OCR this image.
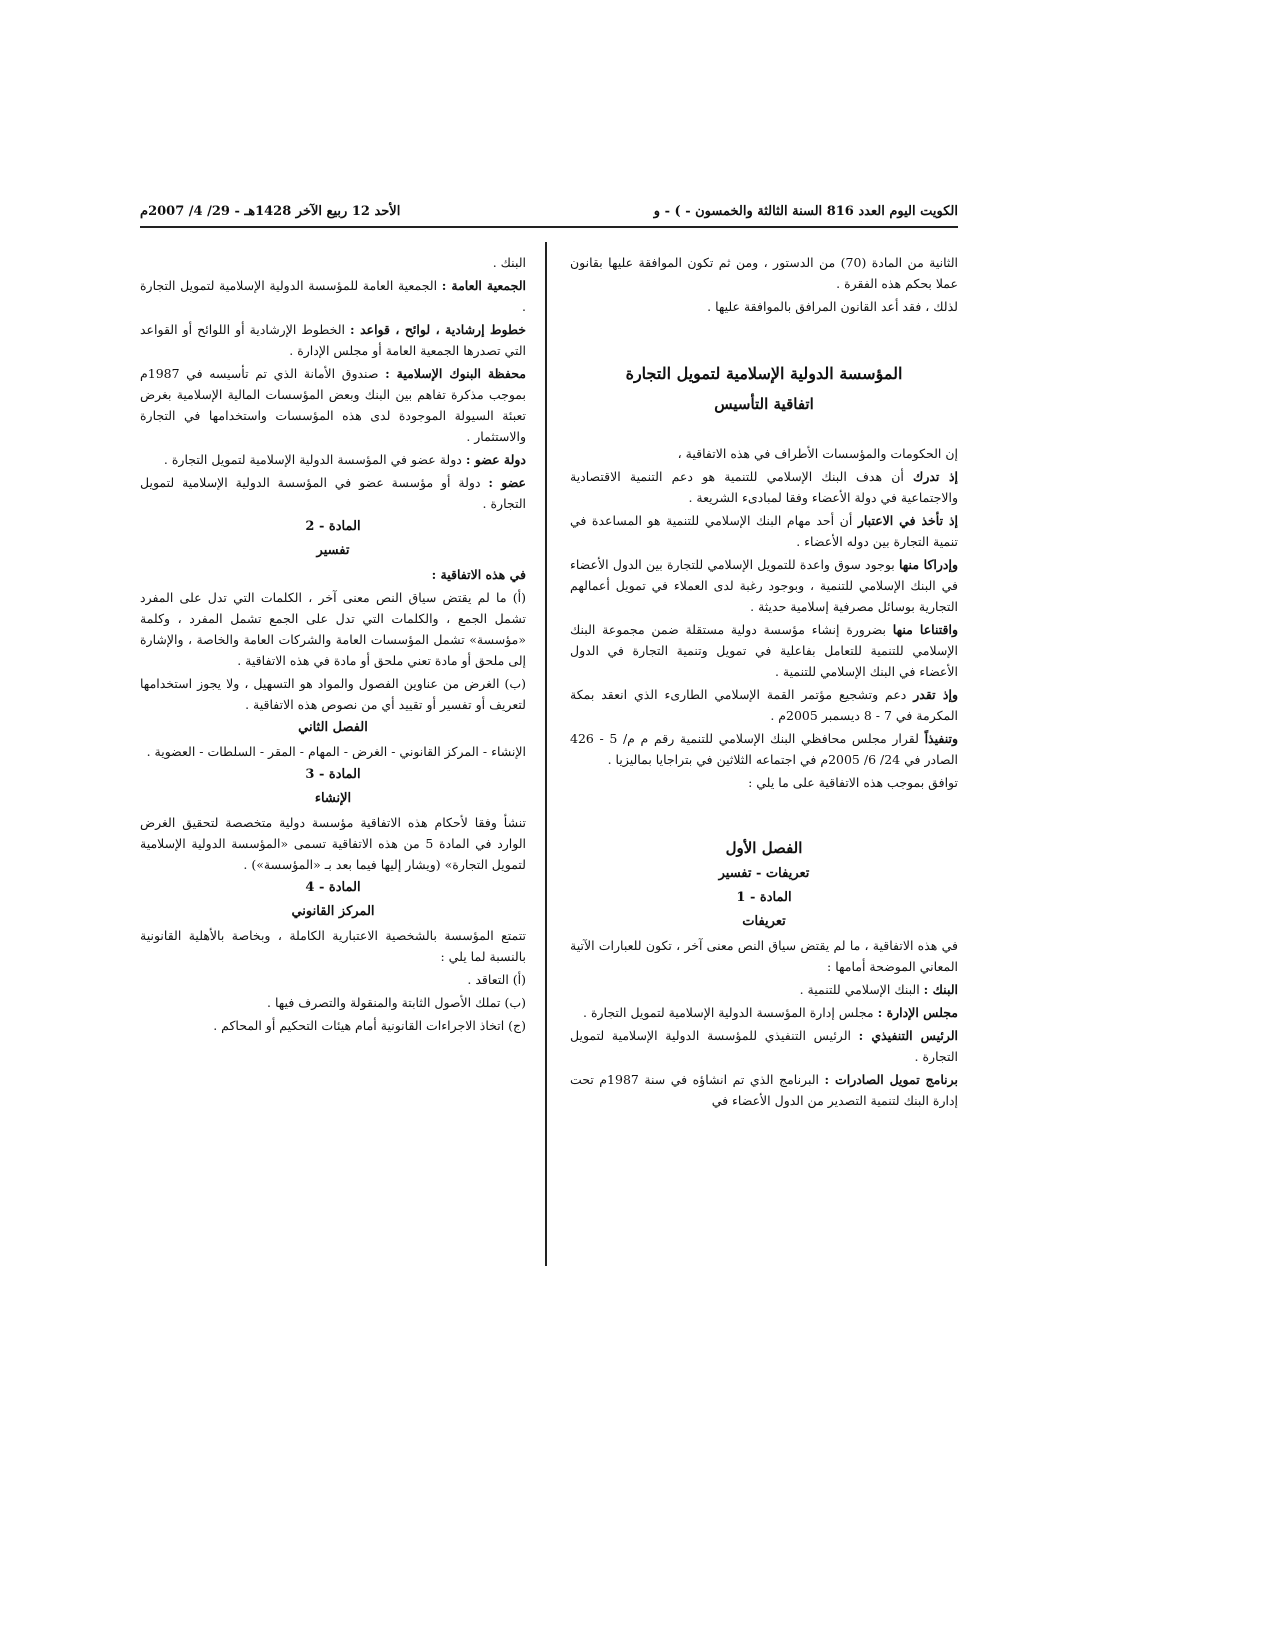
الكويت اليوم العدد 816 السنة الثالثة والخمسون - ) - و
الأحد 12 ربيع الآخر 1428هـ - 29/ 4/ 2007م

الثانية من المادة (70) من الدستور ، ومن ثم تكون الموافقة عليها بقانون عملا بحكم هذه الفقرة .

لذلك ، فقد أعد القانون المرافق بالموافقة عليها .

المؤسسة الدولية الإسلامية لتمويل التجارة

اتفاقية التأسيس

إن الحكومات والمؤسسات الأطراف في هذه الاتفاقية ،

إذ تدرك أن هدف البنك الإسلامي للتنمية هو دعم التنمية الاقتصادية والاجتماعية في دولة الأعضاء وفقا لمبادىء الشريعة .

إذ تأخذ في الاعتبار أن أحد مهام البنك الإسلامي للتنمية هو المساعدة في تنمية التجارة بين دوله الأعضاء .

وإدراكا منها بوجود سوق واعدة للتمويل الإسلامي للتجارة بين الدول الأعضاء في البنك الإسلامي للتنمية ، وبوجود رغبة لدى العملاء في تمويل أعمالهم التجارية بوسائل مصرفية إسلامية حديثة .

واقتناعا منها بضرورة إنشاء مؤسسة دولية مستقلة ضمن مجموعة البنك الإسلامي للتنمية للتعامل بفاعلية في تمويل وتنمية التجارة في الدول الأعضاء في البنك الإسلامي للتنمية .

وإذ تقدر دعم وتشجيع مؤتمر القمة الإسلامي الطارىء الذي انعقد بمكة المكرمة في 7 - 8 ديسمبر 2005م .

وتنفيذاً لقرار مجلس محافظي البنك الإسلامي للتنمية رقم م م/ 5 - 426 الصادر في 24/ 6/ 2005م في اجتماعه الثلاثين في بتراجايا بماليزيا .

توافق بموجب هذه الاتفاقية على ما يلي :

الفصل الأول

تعريفات - تفسير

المادة - 1

تعريفات

في هذه الاتفاقية ، ما لم يقتض سياق النص معنى آخر ، تكون للعبارات الآتية المعاني الموضحة أمامها :

البنك : البنك الإسلامي للتنمية .

مجلس الإدارة : مجلس إدارة المؤسسة الدولية الإسلامية لتمويل التجارة .

الرئيس التنفيذي : الرئيس التنفيذي للمؤسسة الدولية الإسلامية لتمويل التجارة .

برنامج تمويل الصادرات : البرنامج الذي تم انشاؤه في سنة 1987م تحت إدارة البنك لتنمية التصدير من الدول الأعضاء في

البنك .

الجمعية العامة : الجمعية العامة للمؤسسة الدولية الإسلامية لتمويل التجارة .

خطوط إرشادية ، لوائح ، قواعد : الخطوط الإرشادية أو اللوائح أو القواعد التي تصدرها الجمعية العامة أو مجلس الإدارة .

محفظة البنوك الإسلامية : صندوق الأمانة الذي تم تأسيسه في 1987م بموجب مذكرة تفاهم بين البنك وبعض المؤسسات المالية الإسلامية بغرض تعبئة السيولة الموجودة لدى هذه المؤسسات واستخدامها في التجارة والاستثمار .

دولة عضو : دولة عضو في المؤسسة الدولية الإسلامية لتمويل التجارة .

عضو : دولة أو مؤسسة عضو في المؤسسة الدولية الإسلامية لتمويل التجارة .

المادة - 2

تفسير

في هذه الاتفاقية :

(أ) ما لم يقتض سياق النص معنى آخر ، الكلمات التي تدل على المفرد تشمل الجمع ، والكلمات التي تدل على الجمع تشمل المفرد ، وكلمة «مؤسسة» تشمل المؤسسات العامة والشركات العامة والخاصة ، والإشارة إلى ملحق أو مادة تعني ملحق أو مادة في هذه الاتفاقية .

(ب) الغرض من عناوين الفصول والمواد هو التسهيل ، ولا يجوز استخدامها لتعريف أو تفسير أو تقييد أي من نصوص هذه الاتفاقية .

الفصل الثاني

الإنشاء - المركز القانوني - الغرض - المهام - المقر - السلطات - العضوية .

المادة - 3

الإنشاء

تنشأ وفقا لأحكام هذه الاتفاقية مؤسسة دولية متخصصة لتحقيق الغرض الوارد في المادة 5 من هذه الاتفاقية تسمى «المؤسسة الدولية الإسلامية لتمويل التجارة» (ويشار إليها فيما بعد بـ «المؤسسة») .

المادة - 4

المركز القانوني

تتمتع المؤسسة بالشخصية الاعتبارية الكاملة ، وبخاصة بالأهلية القانونية بالنسبة لما يلي :

(أ) التعاقد .

(ب) تملك الأصول الثابتة والمنقولة والتصرف فيها .

(ج) اتخاذ الاجراءات القانونية أمام هيئات التحكيم أو المحاكم .
